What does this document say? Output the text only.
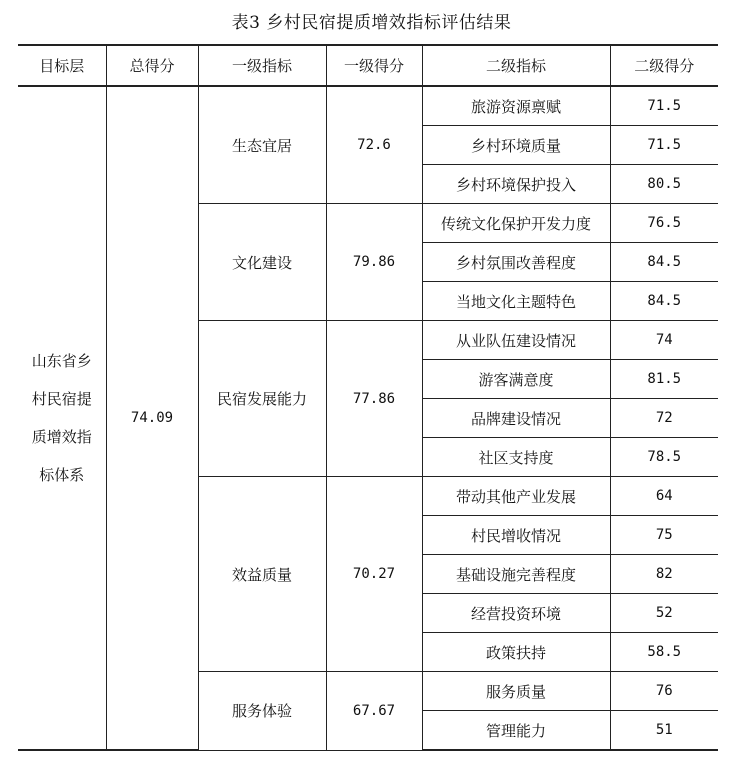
表3 乡村民宿提质增效指标评估结果
目标层	总得分	一级指标	一级得分	二级指标	二级得分
山东省乡村民宿提质增效指标体系	74.09	生态宜居	72.6	旅游资源禀赋	71.5
				乡村环境质量	71.5
				乡村环境保护投入	80.5
		文化建设	79.86	传统文化保护开发力度	76.5
				乡村氛围改善程度	84.5
				当地文化主题特色	84.5
		民宿发展能力	77.86	从业队伍建设情况	74
				游客满意度	81.5
				品牌建设情况	72
				社区支持度	78.5
		效益质量	70.27	带动其他产业发展	64
				村民增收情况	75
				基础设施完善程度	82
				经营投资环境	52
				政策扶持	58.5
		服务体验	67.67	服务质量	76
				管理能力	51
